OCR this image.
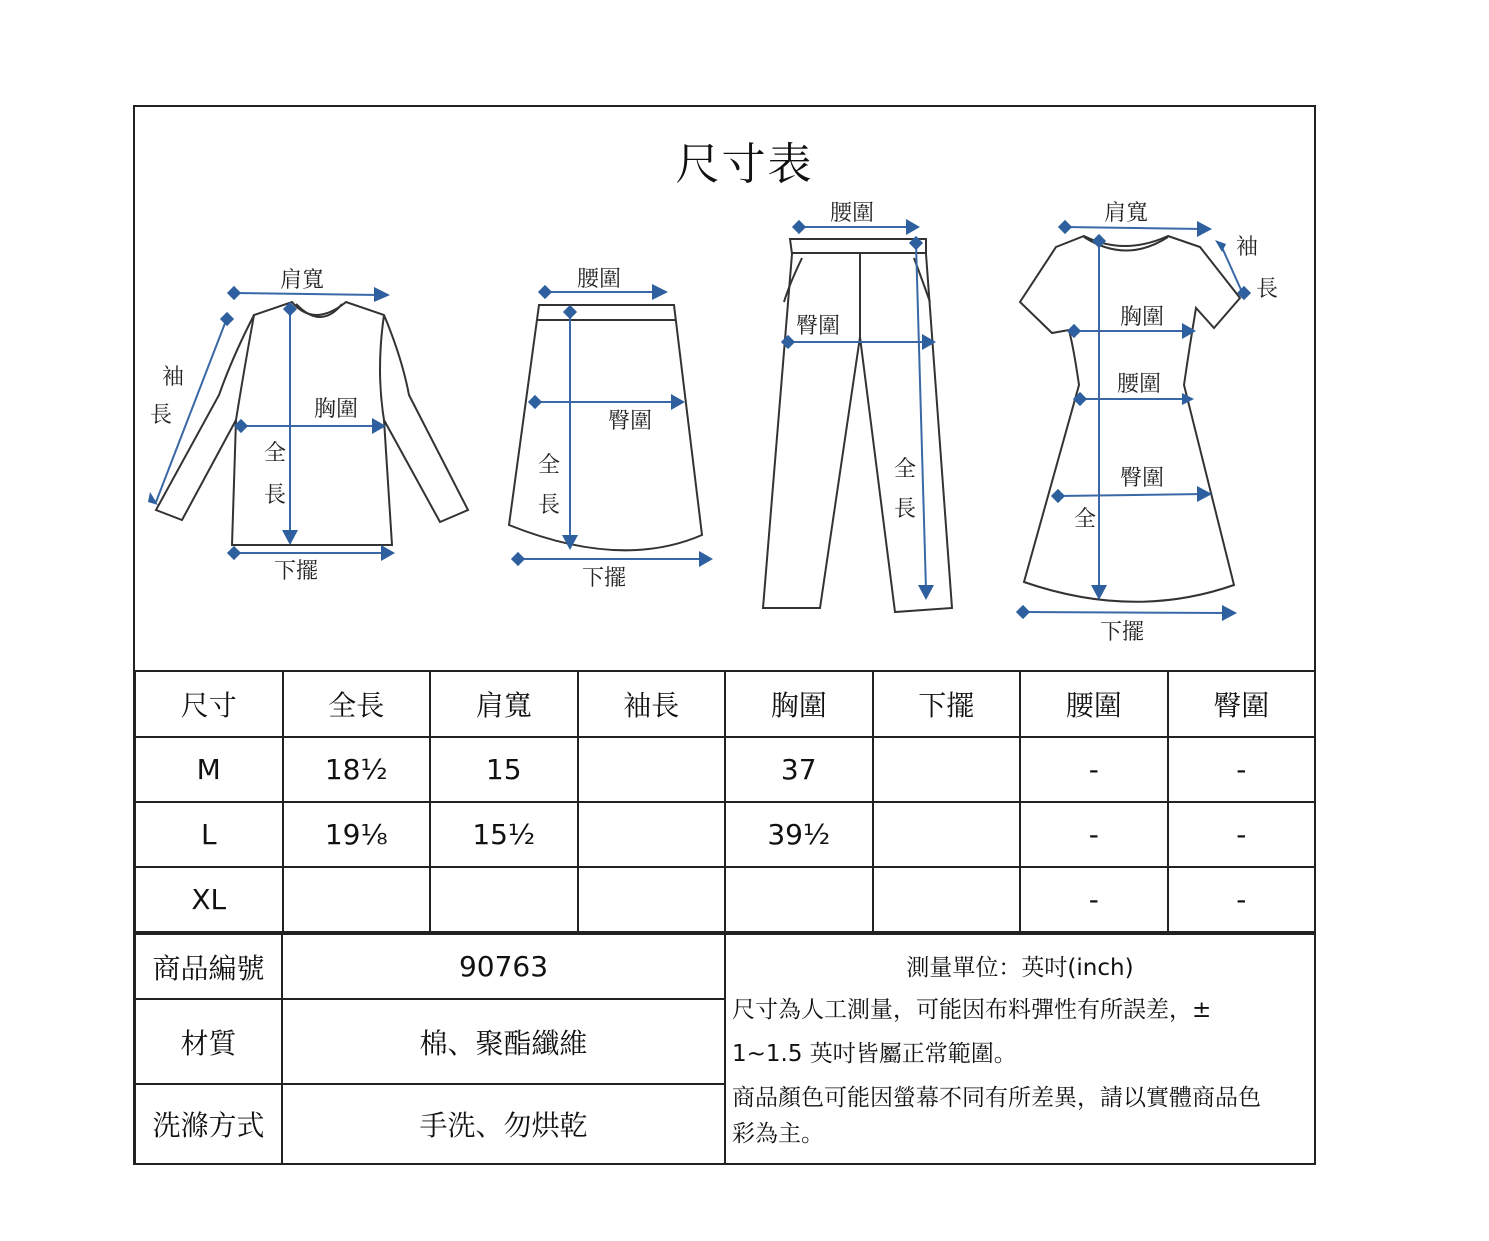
尺寸表
肩寬
袖
長	胸圍
全
長
下擺
腰圍
臀圍
全
長
下擺
腰圍
臀圍
全
長
肩寬
袖
長
胸圍
腰圍
臀圍
全
下擺
尺寸	全長	肩寬	袖長	胸圍	下擺	腰圍	臀圍
M	18½	15		37		-	-
L	19⅛	15½		39½		-	-
XL						-	-
商品編號	90763
材質	棉、聚酯纖維
洗滌方式	手洗、勿烘乾
測量單位：英吋(inch)
尺寸為人工測量，可能因布料彈性有所誤差，±
1~1.5 英吋皆屬正常範圍。
商品顏色可能因螢幕不同有所差異，請以實體商品色
彩為主。
